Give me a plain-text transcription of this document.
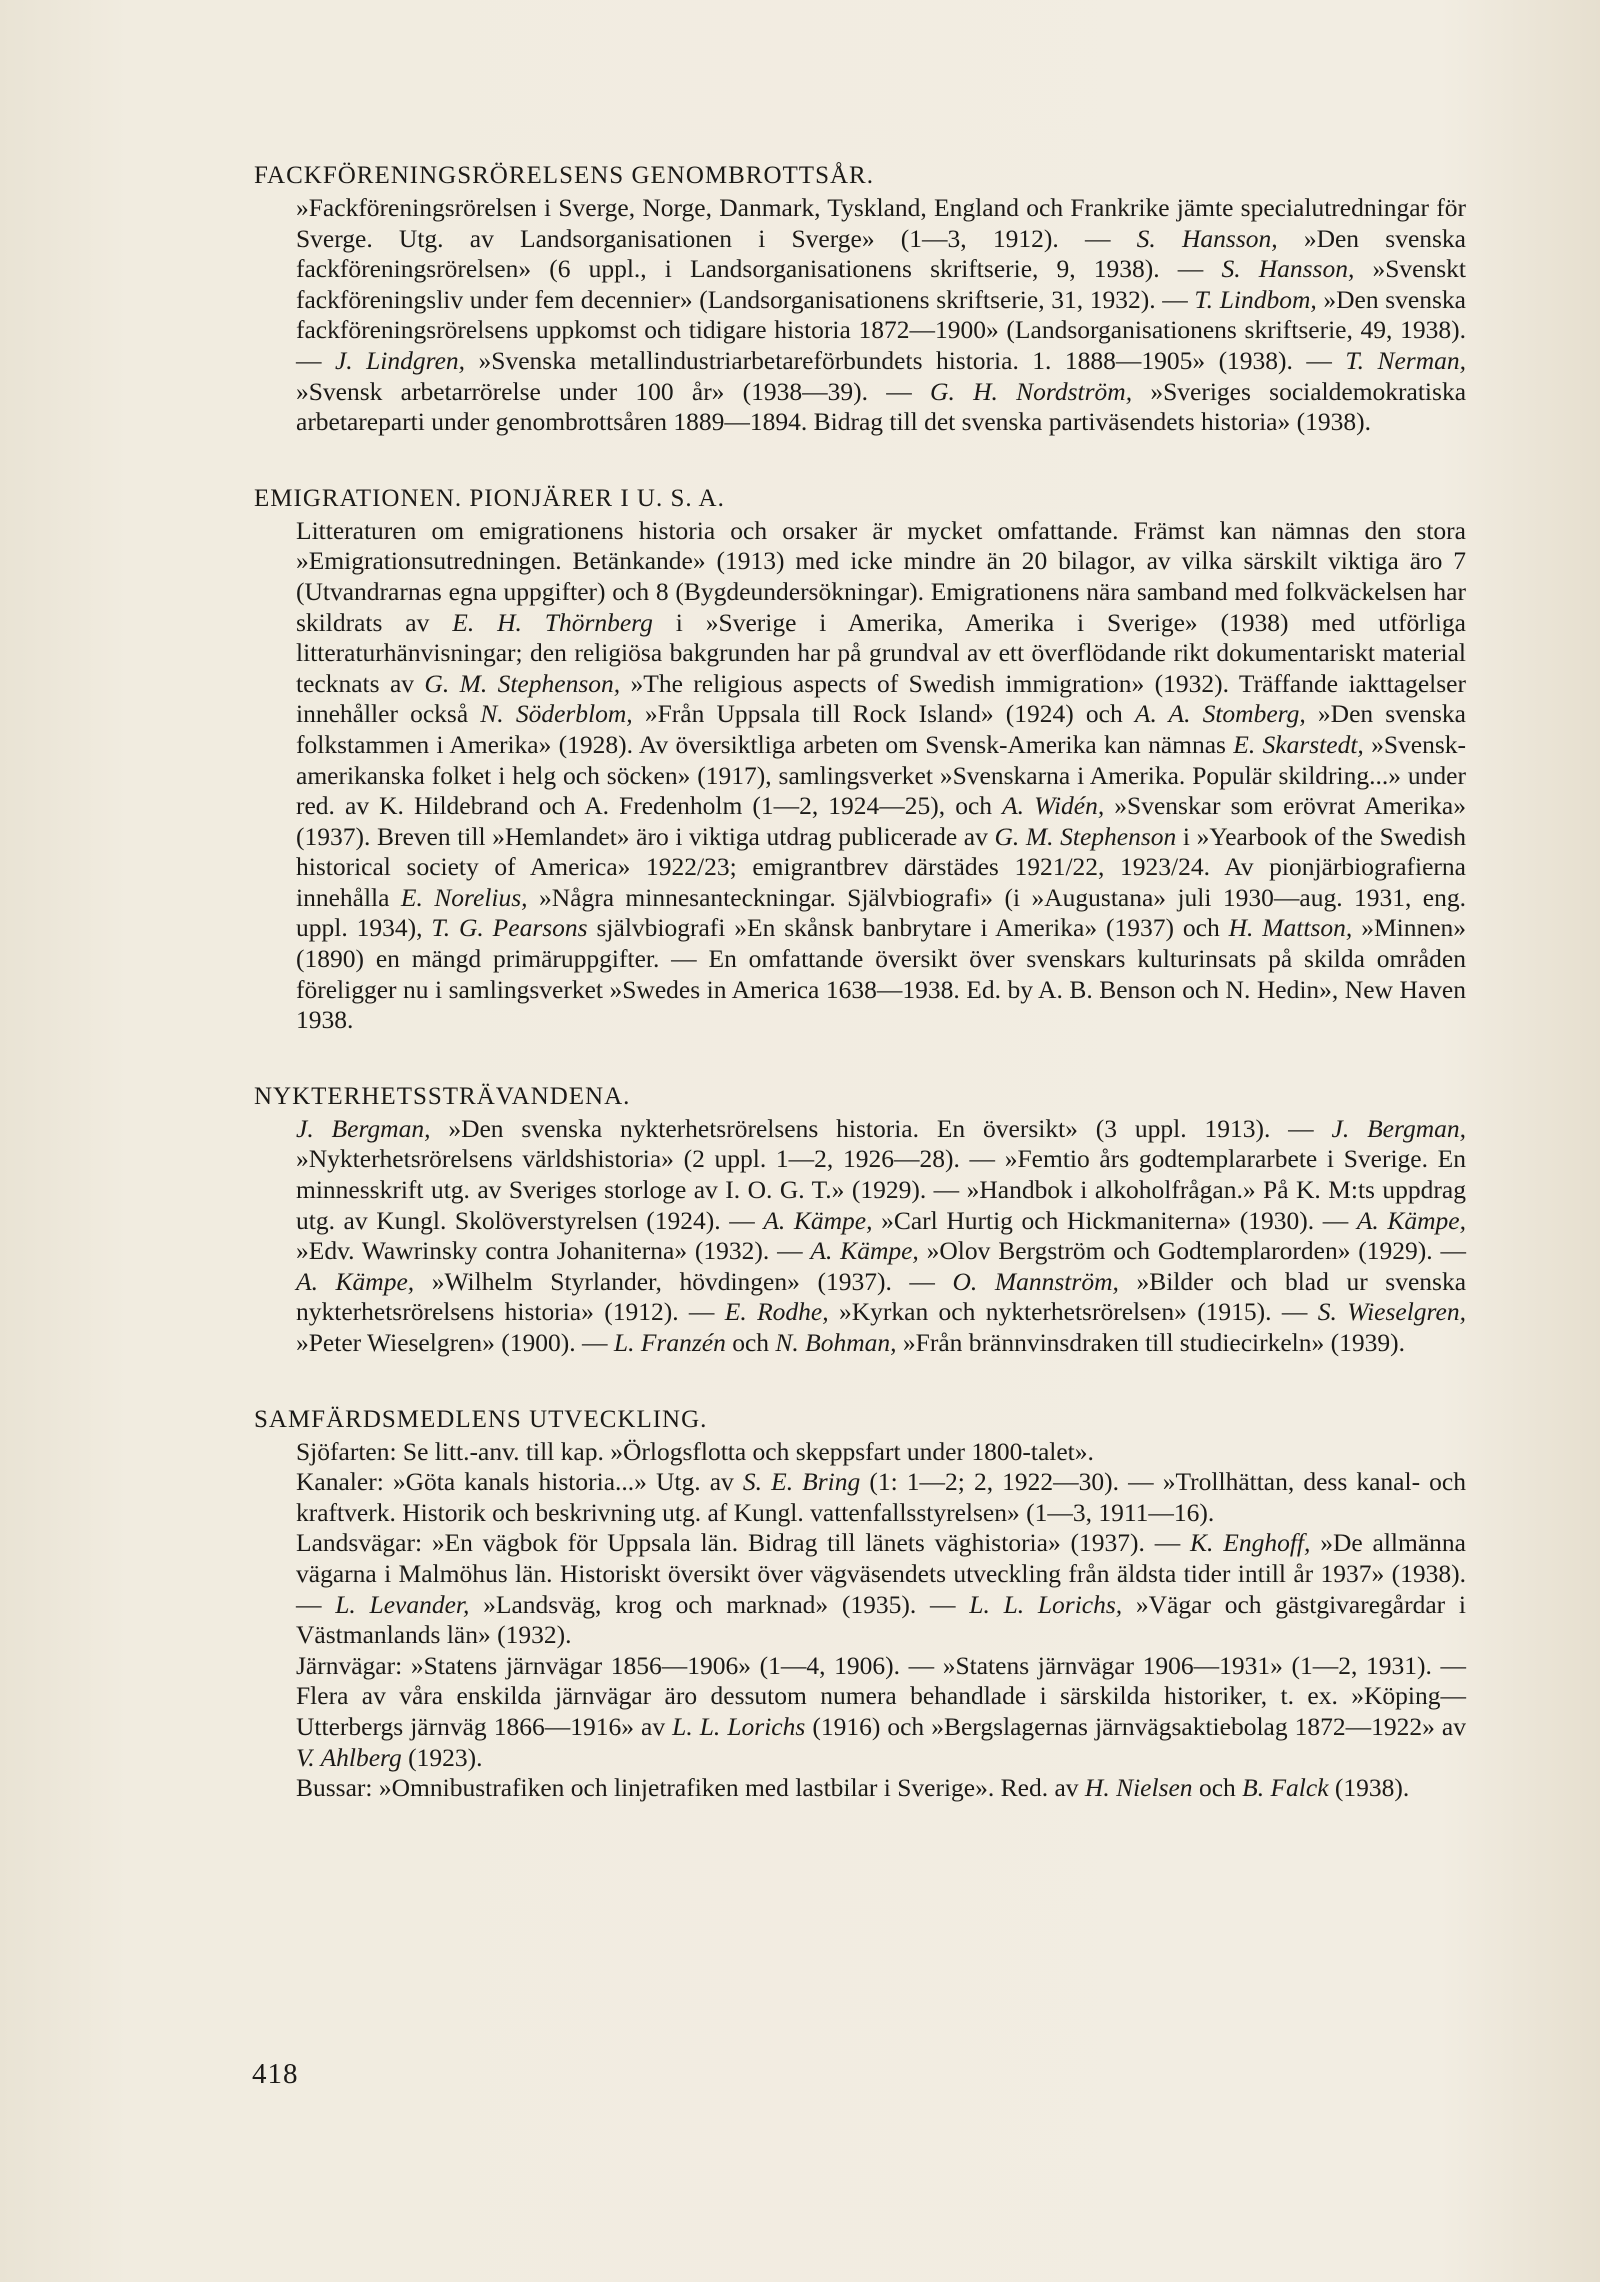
FACKFÖRENINGSRÖRELSENS GENOMBROTTSÅR.

»Fackföreningsrörelsen i Sverge, Norge, Danmark, Tyskland, England och Frankrike jämte specialutredningar för Sverge. Utg. av Landsorganisationen i Sverge» (1—3, 1912). — S. Hansson, »Den svenska fackföreningsrörelsen» (6 uppl., i Landsorganisationens skriftserie, 9, 1938). — S. Hansson, »Svenskt fackföreningsliv under fem decennier» (Landsorganisationens skriftserie, 31, 1932). — T. Lindbom, »Den svenska fackföreningsrörelsens uppkomst och tidigare historia 1872—1900» (Landsorganisationens skriftserie, 49, 1938). — J. Lindgren, »Svenska metallindustriarbetareförbundets historia. 1. 1888—1905» (1938). — T. Nerman, »Svensk arbetarrörelse under 100 år» (1938—39). — G. H. Nordström, »Sveriges socialdemokratiska arbetareparti under genombrottsåren 1889—1894. Bidrag till det svenska partiväsendets historia» (1938).

EMIGRATIONEN. PIONJÄRER I U. S. A.

Litteraturen om emigrationens historia och orsaker är mycket omfattande. Främst kan nämnas den stora »Emigrationsutredningen. Betänkande» (1913) med icke mindre än 20 bilagor, av vilka särskilt viktiga äro 7 (Utvandrarnas egna uppgifter) och 8 (Bygdeundersökningar). Emigrationens nära samband med folkväckelsen har skildrats av E. H. Thörnberg i »Sverige i Amerika, Amerika i Sverige» (1938) med utförliga litteraturhänvisningar; den religiösa bakgrunden har på grundval av ett överflödande rikt dokumentariskt material tecknats av G. M. Stephenson, »The religious aspects of Swedish immigration» (1932). Träffande iakttagelser innehåller också N. Söderblom, »Från Uppsala till Rock Island» (1924) och A. A. Stomberg, »Den svenska folkstammen i Amerika» (1928). Av översiktliga arbeten om Svensk-Amerika kan nämnas E. Skarstedt, »Svensk-amerikanska folket i helg och söcken» (1917), samlingsverket »Svenskarna i Amerika. Populär skildring...» under red. av K. Hildebrand och A. Fredenholm (1—2, 1924—25), och A. Widén, »Svenskar som erövrat Amerika» (1937). Breven till »Hemlandet» äro i viktiga utdrag publicerade av G. M. Stephenson i »Yearbook of the Swedish historical society of America» 1922/23; emigrantbrev därstädes 1921/22, 1923/24. Av pionjärbiografierna innehålla E. Norelius, »Några minnesanteckningar. Självbiografi» (i »Augustana» juli 1930—aug. 1931, eng. uppl. 1934), T. G. Pearsons självbiografi »En skånsk banbrytare i Amerika» (1937) och H. Mattson, »Minnen» (1890) en mängd primäruppgifter. — En omfattande översikt över svenskars kulturinsats på skilda områden föreligger nu i samlingsverket »Swedes in America 1638—1938. Ed. by A. B. Benson och N. Hedin», New Haven 1938.

NYKTERHETSSTRÄVANDENA.

J. Bergman, »Den svenska nykterhetsrörelsens historia. En översikt» (3 uppl. 1913). — J. Bergman, »Nykterhetsrörelsens världshistoria» (2 uppl. 1—2, 1926—28). — »Femtio års godtemplararbete i Sverige. En minnesskrift utg. av Sveriges storloge av I. O. G. T.» (1929). — »Handbok i alkoholfrågan.» På K. M:ts uppdrag utg. av Kungl. Skolöverstyrelsen (1924). — A. Kämpe, »Carl Hurtig och Hickmaniterna» (1930). — A. Kämpe, »Edv. Wawrinsky contra Johaniterna» (1932). — A. Kämpe, »Olov Bergström och Godtemplarorden» (1929). — A. Kämpe, »Wilhelm Styrlander, hövdingen» (1937). — O. Mannström, »Bilder och blad ur svenska nykterhetsrörelsens historia» (1912). — E. Rodhe, »Kyrkan och nykterhetsrörelsen» (1915). — S. Wieselgren, »Peter Wieselgren» (1900). — L. Franzén och N. Bohman, »Från brännvinsdraken till studiecirkeln» (1939).

SAMFÄRDSMEDLENS UTVECKLING.

Sjöfarten: Se litt.-anv. till kap. »Örlogsflotta och skeppsfart under 1800-talet».

Kanaler: »Göta kanals historia...» Utg. av S. E. Bring (1: 1—2; 2, 1922—30). — »Trollhättan, dess kanal- och kraftverk. Historik och beskrivning utg. af Kungl. vattenfallsstyrelsen» (1—3, 1911—16).

Landsvägar: »En vägbok för Uppsala län. Bidrag till länets väghistoria» (1937). — K. Enghoff, »De allmänna vägarna i Malmöhus län. Historiskt översikt över vägväsendets utveckling från äldsta tider intill år 1937» (1938). — L. Levander, »Landsväg, krog och marknad» (1935). — L. L. Lorichs, »Vägar och gästgivaregårdar i Västmanlands län» (1932).

Järnvägar: »Statens järnvägar 1856—1906» (1—4, 1906). — »Statens järnvägar 1906—1931» (1—2, 1931). — Flera av våra enskilda järnvägar äro dessutom numera behandlade i särskilda historiker, t. ex. »Köping—Utterbergs järnväg 1866—1916» av L. L. Lorichs (1916) och »Bergslagernas järnvägsaktiebolag 1872—1922» av V. Ahlberg (1923).

Bussar: »Omnibustrafiken och linjetrafiken med lastbilar i Sverige». Red. av H. Nielsen och B. Falck (1938).

418
